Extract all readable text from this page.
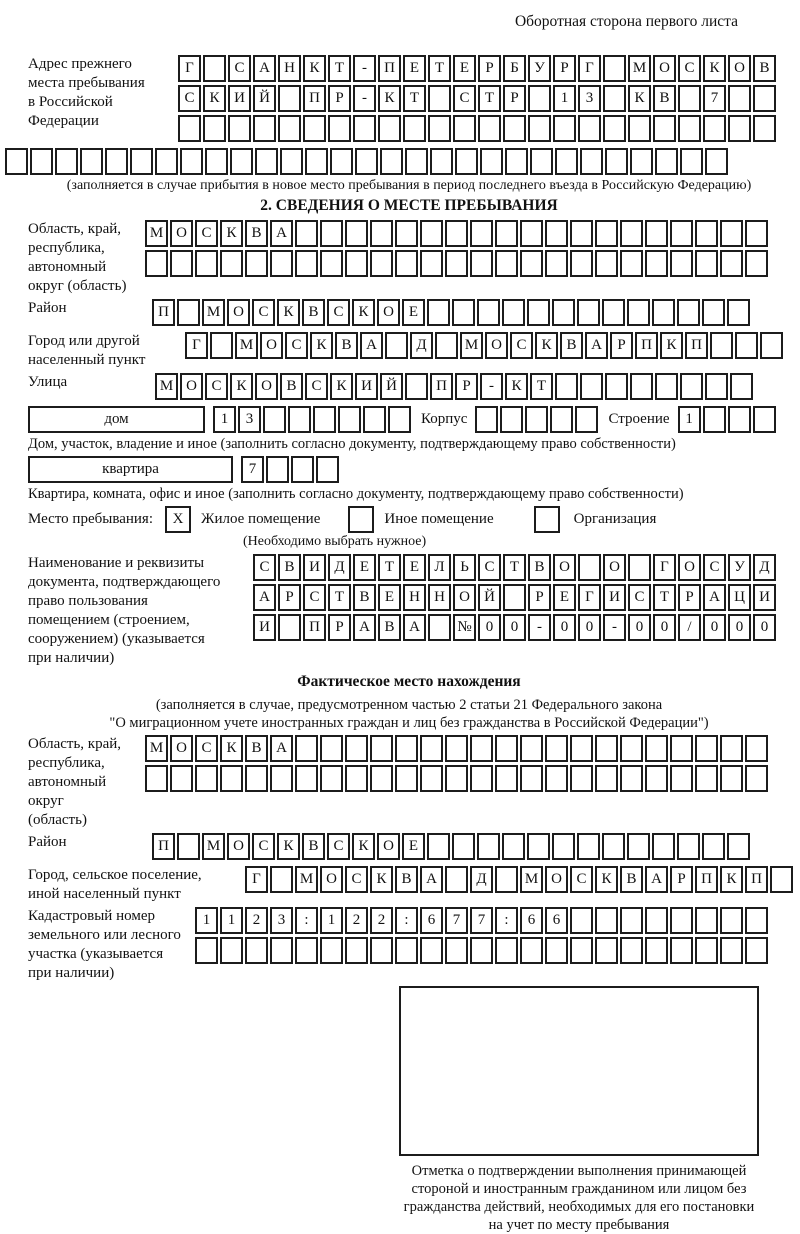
Оборотная сторона первого листа
Адрес прежнего
места пребывания
в Российской
Федерации
Г	С А Н К Т - П Е Т Е Р Б У Р Г	М О С К О В
С К И Й	П Р - К Т	С Т Р	1 3	К В	7
(заполняется в случае прибытия в новое место пребывания в период последнего въезда в Российскую Федерацию)
2. СВЕДЕНИЯ О МЕСТЕ ПРЕБЫВАНИЯ
Область, край,
республика,
автономный
округ (область)
М О С К В А
Район	П	М О С К В С К О Е
Город или другой
населенный пункт
Г	М О С К В А	Д	М О С К В А Р П К П
Улица	М О С К О В С К И Й	П Р - К Т
дом	1 3	Корпус	Строение	1
Дом, участок, владение и иное (заполнить согласно документу, подтверждающему право собственности)
квартира	7
Квартира, комната, офис и иное (заполнить согласно документу, подтверждающему право собственности)
Место пребывания:	X	Жилое помещение	Иное помещение	Организация
(Необходимо выбрать нужное)
Наименование и реквизиты
документа, подтверждающего
право пользования
помещением (строением,
сооружением) (указывается
при наличии)
С В И Д Е Т Е Л Ь С Т В О	О	Г О С У Д
А Р С Т В Е Н Н О Й	Р Е Г И С Т Р А Ц И
И	П Р А В А № 0 0 - 0 0 - 0 0 / 0 0 0
Фактическое место нахождения
(заполняется в случае, предусмотренном частью 2 статьи 21 Федерального закона
"О миграционном учете иностранных граждан и лиц без гражданства в Российской Федерации")
Область, край,
республика,
автономный округ
(область)
М О С К В А
Район	П	М О С К В С К О Е
Город, сельское поселение,
иной населенный пункт
Г	М О С К В А	Д	М О С К В А Р П К П
Кадастровый номер
земельного или лесного
участка (указывается
при наличии)
1 1 2 3 : 1 2 2 : 6 7 7 : 6 6
Отметка о подтверждении выполнения принимающей
стороной и иностранным гражданином или лицом без
гражданства действий, необходимых для его постановки
на учет по месту пребывания
